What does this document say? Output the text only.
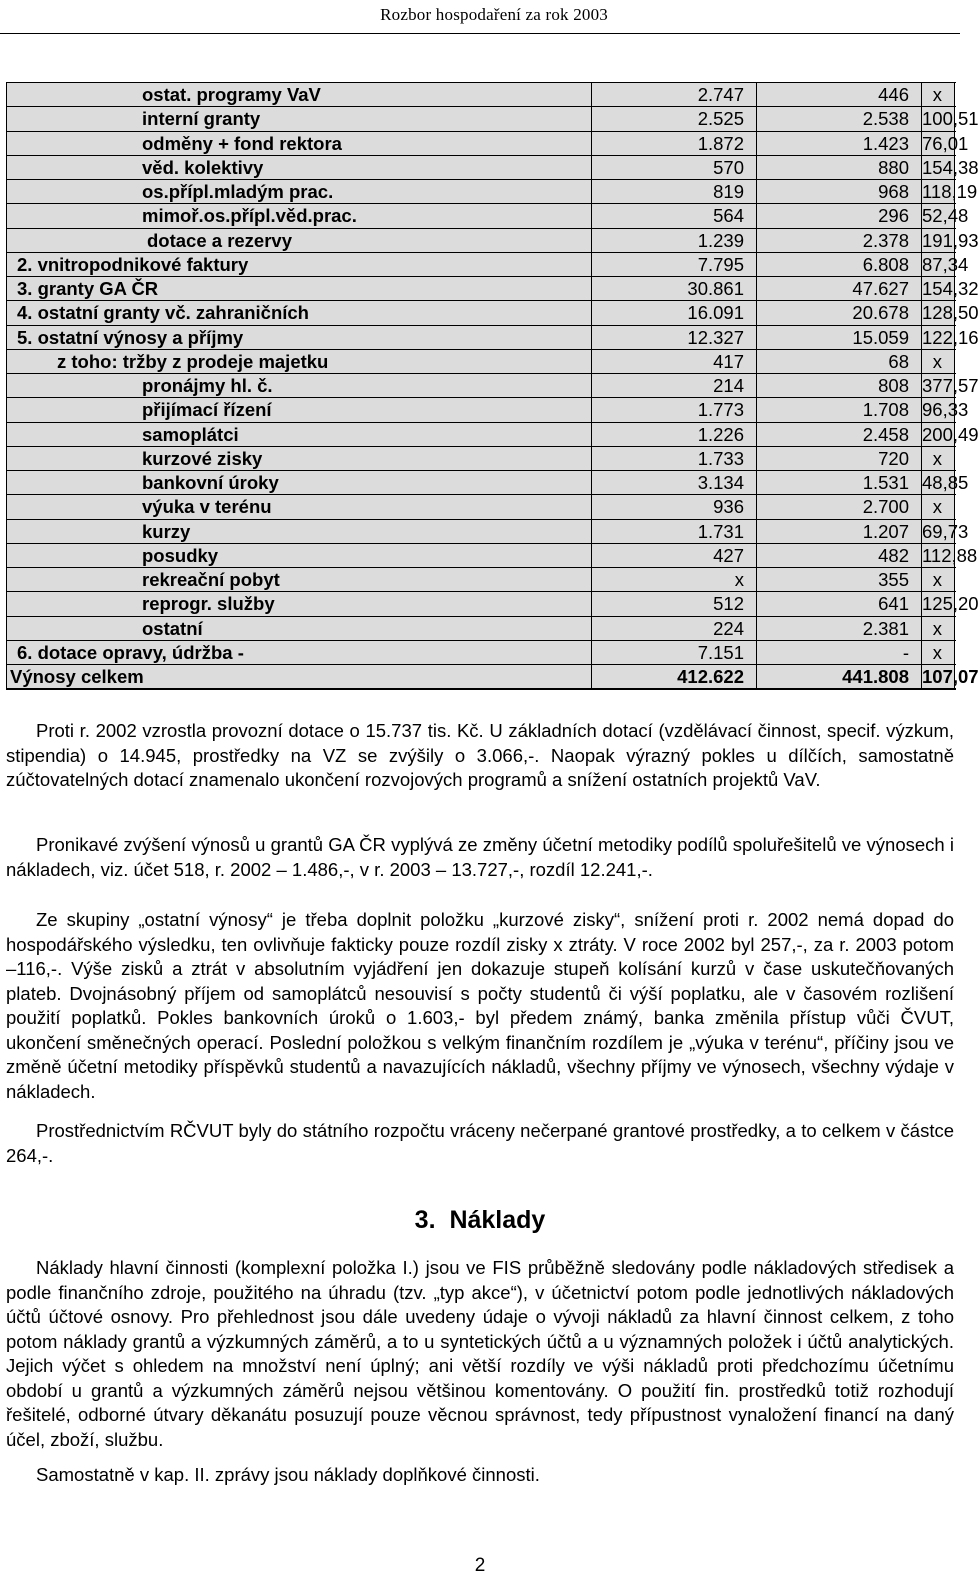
Rozbor hospodaření za rok 2003
ostat. programy VaV	2.747	446	x
interní granty	2.525	2.538	100,51
odměny + fond rektora	1.872	1.423	76,01
věd. kolektivy	570	880	154,38
os.přípl.mladým prac.	819	968	118,19
mimoř.os.přípl.věd.prac.	564	296	52,48
dotace a rezervy	1.239	2.378	191,93
2. vnitropodnikové faktury	7.795	6.808	87,34
3. granty GA ČR	30.861	47.627	154,32
4. ostatní granty vč. zahraničních	16.091	20.678	128,50
5. ostatní výnosy a příjmy	12.327	15.059	122,16
z toho: tržby z prodeje majetku	417	68	x
pronájmy hl. č.	214	808	377,57
přijímací řízení	1.773	1.708	96,33
samoplátci	1.226	2.458	200,49
kurzové zisky	1.733	720	x
bankovní úroky	3.134	1.531	48,85
výuka v terénu	936	2.700	x
kurzy	1.731	1.207	69,73
posudky	427	482	112,88
rekreační pobyt	x	355	x
reprogr. služby	512	641	125,20
ostatní	224	2.381	x
6. dotace opravy, údržba -	7.151	-	x
Výnosy celkem	412.622	441.808	107,07

Proti r. 2002 vzrostla provozní dotace o 15.737 tis. Kč. U základních dotací (vzdělávací činnost, specif. výzkum, stipendia) o 14.945, prostředky na VZ se zvýšily o 3.066,-. Naopak výrazný pokles u dílčích, samostatně zúčtovatelných dotací znamenalo ukončení rozvojových programů a snížení ostatních projektů VaV.

Pronikavé zvýšení výnosů u grantů GA ČR vyplývá ze změny účetní metodiky podílů spoluřešitelů ve výnosech i nákladech, viz. účet 518, r. 2002 – 1.486,-, v r. 2003 – 13.727,-, rozdíl 12.241,-.

Ze skupiny „ostatní výnosy“ je třeba doplnit položku „kurzové zisky“, snížení proti r. 2002 nemá dopad do hospodářského výsledku, ten ovlivňuje fakticky pouze rozdíl zisky x ztráty. V roce 2002 byl 257,-, za r. 2003 potom –116,-. Výše zisků a ztrát v absolutním vyjádření jen dokazuje stupeň kolísání kurzů v čase uskutečňovaných plateb. Dvojnásobný příjem od samoplátců nesouvisí s počty studentů či výší poplatku, ale v časovém rozlišení použití poplatků. Pokles bankovních úroků o 1.603,- byl předem známý, banka změnila přístup vůči ČVUT, ukončení směnečných operací. Poslední položkou s velkým finančním rozdílem je „výuka v terénu“, příčiny jsou ve změně účetní metodiky příspěvků studentů a navazujících nákladů, všechny příjmy ve výnosech, všechny výdaje v nákladech.

Prostřednictvím RČVUT byly do státního rozpočtu vráceny nečerpané grantové prostředky, a to celkem v částce 264,-.

3. Náklady

Náklady hlavní činnosti (komplexní položka I.) jsou ve FIS průběžně sledovány podle nákladových středisek a podle finančního zdroje, použitého na úhradu (tzv. „typ akce“), v účetnictví potom podle jednotlivých nákladových účtů účtové osnovy. Pro přehlednost jsou dále uvedeny údaje o vývoji nákladů za hlavní činnost celkem, z toho potom náklady grantů a výzkumných záměrů, a to u syntetických účtů a u významných položek i účtů analytických. Jejich výčet s ohledem na množství není úplný; ani větší rozdíly ve výši nákladů proti předchozímu účetnímu období u grantů a výzkumných záměrů nejsou většinou komentovány. O použití fin. prostředků totiž rozhodují řešitelé, odborné útvary děkanátu posuzují pouze věcnou správnost, tedy přípustnost vynaložení financí na daný účel, zboží, službu.

Samostatně v kap. II. zprávy jsou náklady doplňkové činnosti.

2
